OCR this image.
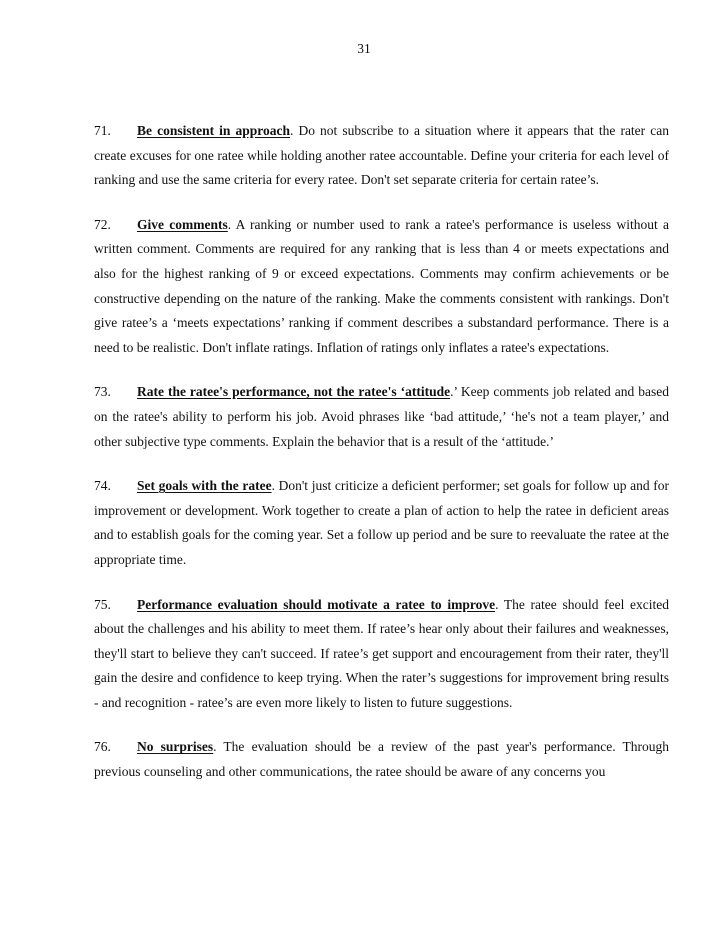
31

71. Be consistent in approach. Do not subscribe to a situation where it appears that the rater can create excuses for one ratee while holding another ratee accountable. Define your criteria for each level of ranking and use the same criteria for every ratee. Don't set separate criteria for certain ratee’s.

72. Give comments. A ranking or number used to rank a ratee's performance is useless without a written comment. Comments are required for any ranking that is less than 4 or meets expectations and also for the highest ranking of 9 or exceed expectations. Comments may confirm achievements or be constructive depending on the nature of the ranking. Make the comments consistent with rankings. Don't give ratee’s a ‘meets expectations’ ranking if comment describes a substandard performance. There is a need to be realistic. Don't inflate ratings. Inflation of ratings only inflates a ratee's expectations.

73. Rate the ratee's performance, not the ratee's ‘attitude.’ Keep comments job related and based on the ratee's ability to perform his job. Avoid phrases like ‘bad attitude,’ ‘he's not a team player,’ and other subjective type comments. Explain the behavior that is a result of the ‘attitude.’

74. Set goals with the ratee. Don't just criticize a deficient performer; set goals for follow up and for improvement or development. Work together to create a plan of action to help the ratee in deficient areas and to establish goals for the coming year. Set a follow up period and be sure to reevaluate the ratee at the appropriate time.

75. Performance evaluation should motivate a ratee to improve. The ratee should feel excited about the challenges and his ability to meet them. If ratee’s hear only about their failures and weaknesses, they'll start to believe they can't succeed. If ratee’s get support and encouragement from their rater, they'll gain the desire and confidence to keep trying. When the rater’s suggestions for improvement bring results - and recognition - ratee’s are even more likely to listen to future suggestions.

76. No surprises. The evaluation should be a review of the past year's performance. Through previous counseling and other communications, the ratee should be aware of any concerns you
